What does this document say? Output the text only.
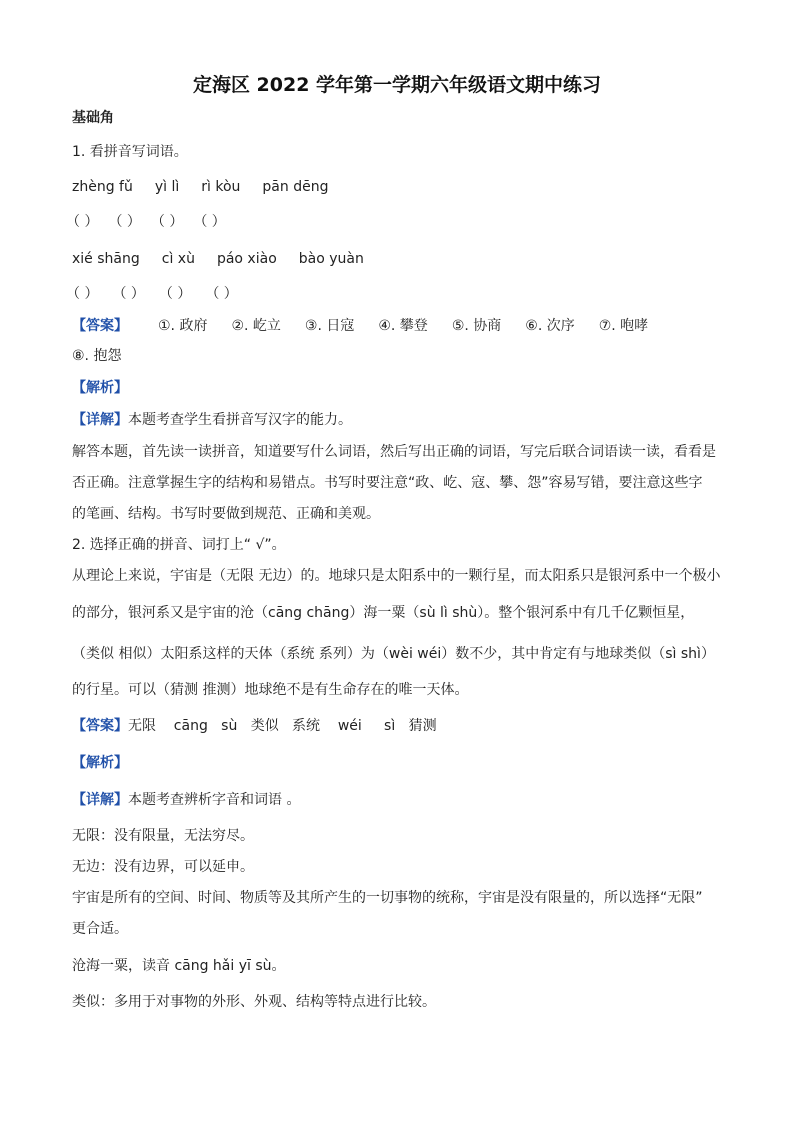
定海区 2022 学年第一学期六年级语文期中练习
基础角
1. 看拼音写词语。
zhèng fǔ yì lì rì kòu pān dēng
（ ） （ ） （ ） （ ）
xié shāng cì xù páo xiào bào yuàn
（ ） （ ） （ ） （ ）
【答案】 ①. 政府 ②. 屹立 ③. 日寇 ④. 攀登 ⑤. 协商 ⑥. 次序 ⑦. 咆哮
⑧. 抱怨
【解析】
【详解】本题考查学生看拼音写汉字的能力。
解答本题，首先读一读拼音，知道要写什么词语，然后写出正确的词语，写完后联合词语读一读，看看是
否正确。注意掌握生字的结构和易错点。书写时要注意“政、屹、寇、攀、怨”容易写错，要注意这些字
的笔画、结构。书写时要做到规范、正确和美观。
2. 选择正确的拼音、词打上“ √”。
从理论上来说，宇宙是（无限 无边）的。地球只是太阳系中的一颗行星，而太阳系只是银河系中一个极小
的部分，银河系又是宇宙的沧（cāng chāng）海一粟（sù lì shù）。整个银河系中有几千亿颗恒星，
（类似 相似）太阳系这样的天体（系统 系列）为（wèi wéi）数不少，其中肯定有与地球类似（sì shì）
的行星。可以（猜测 推测）地球绝不是有生命存在的唯一天体。
【答案】无限    cāng   sù   类似   系统    wéi     sì   猜测
【解析】
【详解】本题考查辨析字音和词语 。
无限：没有限量，无法穷尽。
无边：没有边界，可以延申。
宇宙是所有的空间、时间、物质等及其所产生的一切事物的统称，宇宙是没有限量的，所以选择“无限”
更合适。
沧海一粟，读音 cāng hǎi yī sù。
类似：多用于对事物的外形、外观、结构等特点进行比较。
